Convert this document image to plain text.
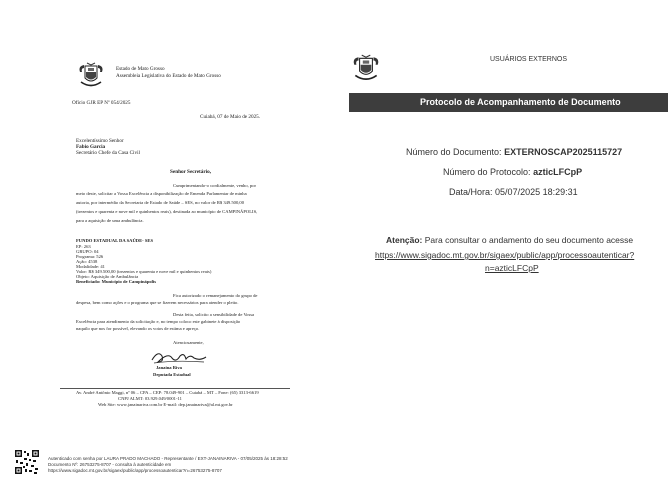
Estado de Mato Grosso
Assembleia Legislativa do Estado de Mato Grosso
Ofício GJR EP Nº 054/2025
Cuiabá, 07 de Maio de 2025.
Excelentíssimo Senhor
Fabio Garcia
Secretário Chefe da Casa Civil
Senhor Secretário,
Cumprimentando-o cordialmente, venho, por
meio deste, solicitar a Vossa Excelência a disponibilização de Emenda Parlamentar de minha
autoria, por intermédio da Secretaria de Estado de Saúde – SES, no valor de R$ 349.500,00
(trezentos e quarenta e nove mil e quinhentos reais), destinada ao município de CAMPINÁPOLIS,
para a aquisição de uma ambulância.
FUNDO ESTADUAL DA SAÚDE- SES
EP: 263
GRUPO: 04
Programa: 526
Ação: 4538
Modalidade: 41
Valor: R$ 349.500,00 (trezentos e quarenta e nove mil e quinhentos reais)
Objeto: Aquisição de Ambulância
Beneficiado: Município de Campinápolis
Fica autorizado o remanejamento do grupo de
despesa, bem como ações e o programa que se fizerem necessários para atender o pleito.
Desta feita, solicito a sensibilidade de Vossa
Excelência para atendimento da solicitação e, no tempo coloco este gabinete à disposição
naquilo que nos for possível, elevando os votos de estima e apreço.
Atenciosamente,
Janaina Riva
Deputada Estadual
Av. André Antônio Maggi, nº 06 – CPA – CEP: 78.049-901 – Cuiabá – MT – Fone: (65) 3313-6619
CNPJ ALMT: 03.929.049/0001-11
Web Site: www.janainariva.com.br E-mail: dep.janainariva@al.mt.gov.br
Autenticado com senha por LAURA PRADO MACHADO - Representante / EXT-JANAINARIVA - 07/05/2025 às 18:28:52
Documento Nº: 26753275-8707 - consulta à autenticidade em
https://www.sigadoc.mt.gov.br/sigaex/public/app/processoautenticar?n=26753275-8707
USUÁRIOS EXTERNOS
Protocolo de Acompanhamento de Documento
Número do Documento: EXTERNOSCAP2025115727
Número do Protocolo: azticLFCpP
Data/Hora: 05/07/2025 18:29:31
Atenção: Para consultar o andamento do seu documento acesse
https://www.sigadoc.mt.gov.br/sigaex/public/app/processoautenticar?
n=azticLFCpP
